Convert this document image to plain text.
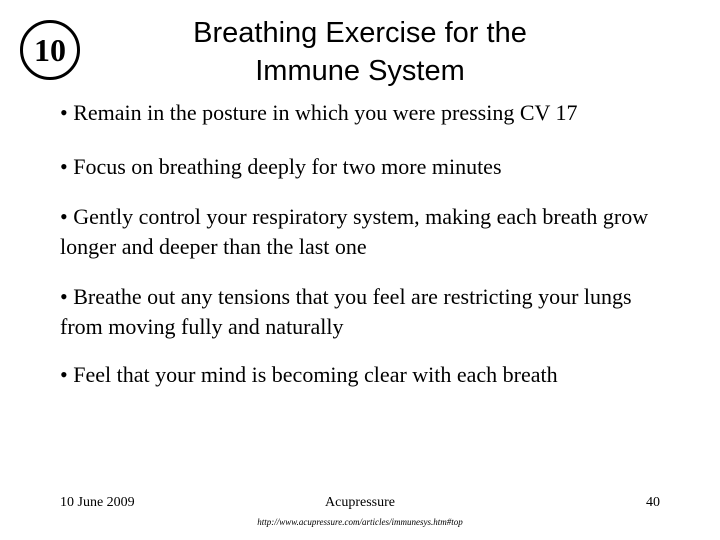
10	Breathing Exercise for the
Immune System

• Remain in the posture in which you were pressing CV 17

• Focus on breathing deeply for two more minutes

• Gently control your respiratory system, making each breath grow longer and deeper than the last one

• Breathe out any tensions that you feel are restricting your lungs from moving fully and naturally

• Feel that your mind is becoming clear with each breath

10 June 2009	Acupressure	40
http://www.acupressure.com/articles/immunesys.htm#top
